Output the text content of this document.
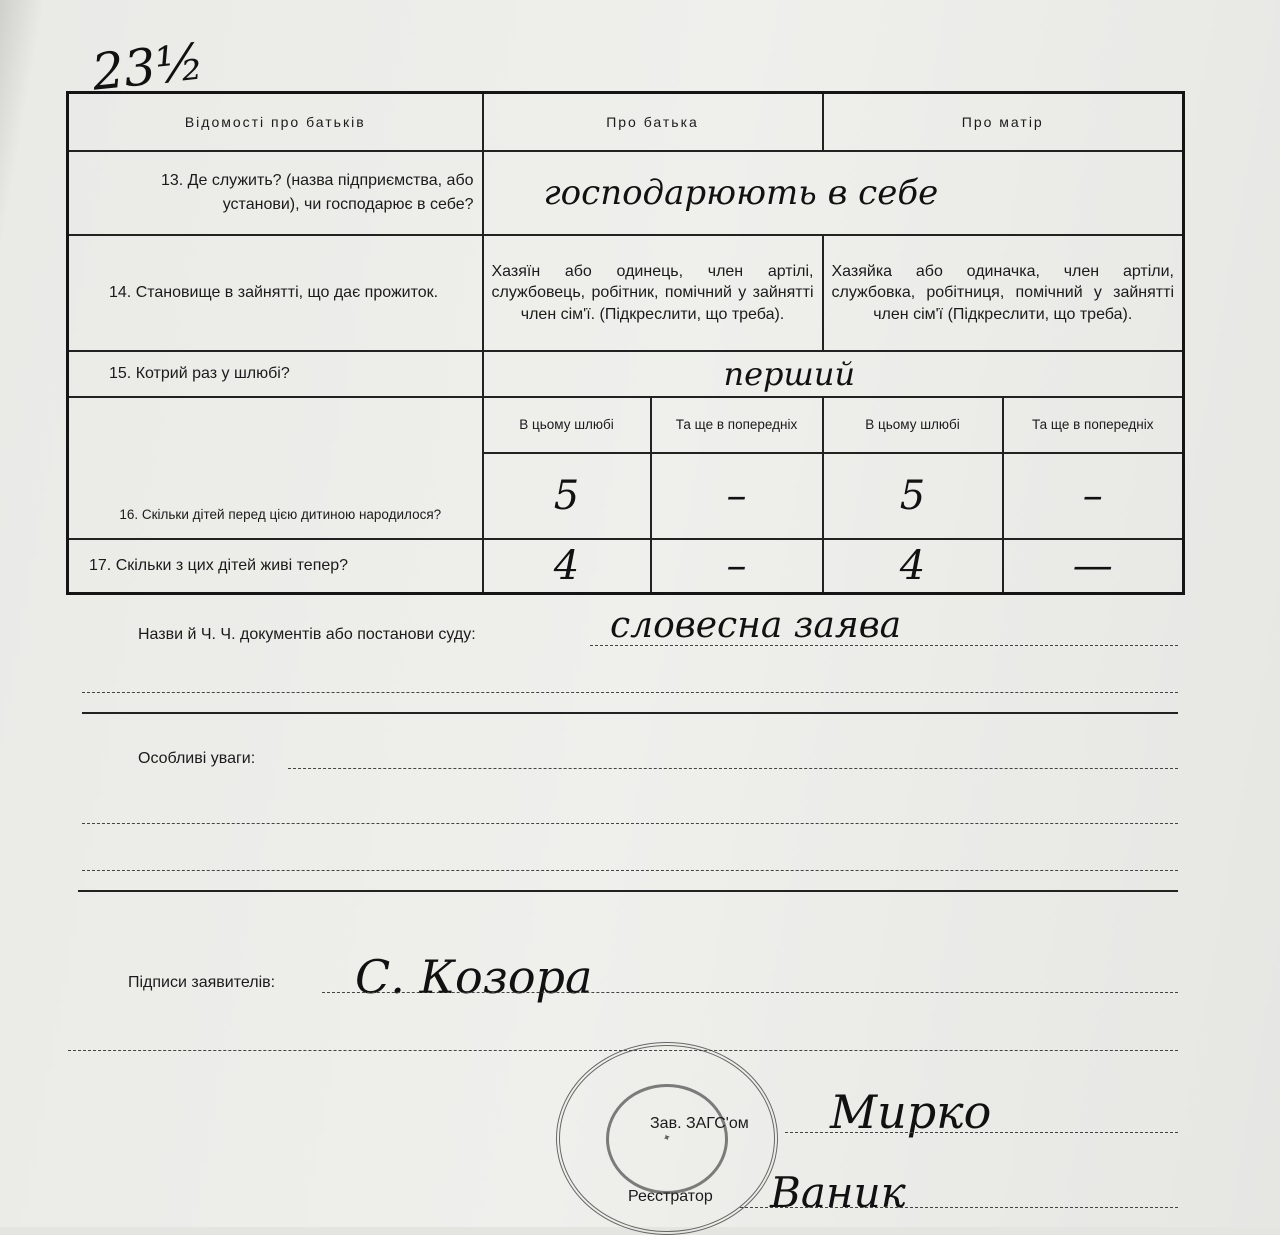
23½
Відомості про батьків	Про батька		Про матір	
13. Де служить? (назва підприємства, або установи), чи господарює в себе?	господарюють в себе			
14. Становище в зайнятті, що дає прожиток.	Хазяїн або одинець, член артілі, службовець, робітник, помічний у зайнятті член сім'ї. (Підкреслити, що треба).		Хазяйка або одиначка, член артіли, службовка, робітниця, помічний у зайнятті член сім'ї (Підкреслити, що треба).	
15. Котрий раз у шлюбі?	перший			
16. Скільки дітей перед цією дитиною народилося?	В цьому шлюбі	Та ще в попередніх	В цьому шлюбі	Та ще в попередніх
	5	–	5	–
17. Скільки з цих дітей живі тепер?	4	–	4	—
Назви й Ч. Ч. документів або постанови суду:	словесна заява
Особливі уваги:
Підписи заявителів: С. Козора
✦
Зав. ЗАГС'ом Мирко
Реєстратор Ваник
